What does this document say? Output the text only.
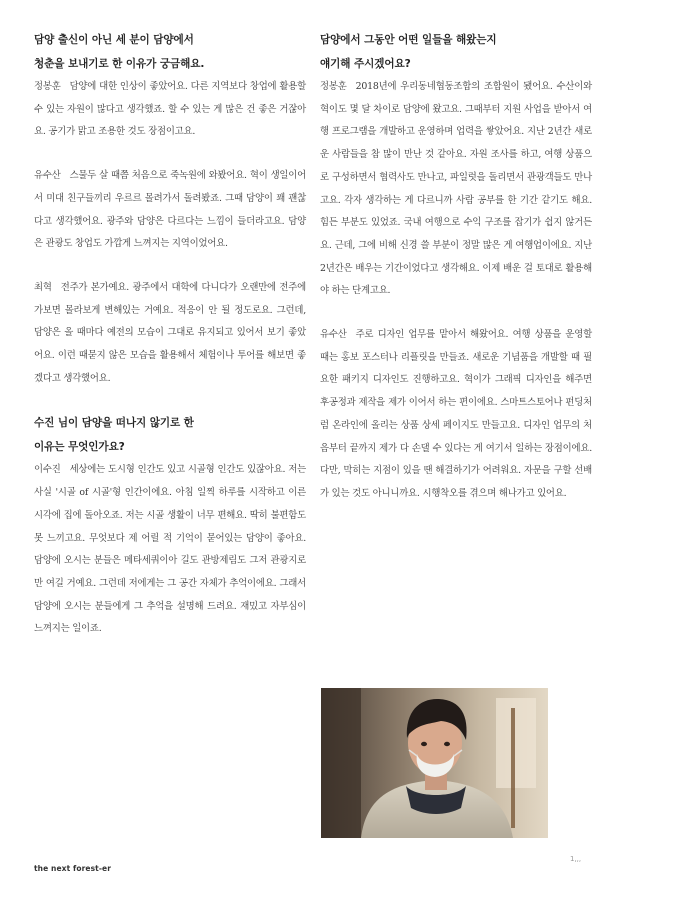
담양 출신이 아닌 세 분이 담양에서
청춘을 보내기로 한 이유가 궁금해요.

정봉훈 담양에 대한 인상이 좋았어요. 다른 지역보다 창업에 활용할 수 있는 자원이 많다고 생각했죠. 할 수 있는 게 많은 건 좋은 거잖아요. 공기가 맑고 조용한 것도 장점이고요.

유수산 스물두 살 때쯤 처음으로 죽녹원에 와봤어요. 혁이 생일이어서 미대 친구들끼리 우르르 몰려가서 돌려봤죠. 그때 담양이 꽤 괜찮다고 생각했어요. 광주와 담양은 다르다는 느낌이 들더라고요. 담양은 관광도 창업도 가깝게 느껴지는 지역이었어요.

최혁 전주가 본가예요. 광주에서 대학에 다니다가 오랜만에 전주에 가보면 몰라보게 변해있는 거예요. 적응이 안 될 정도로요. 그런데, 담양은 올 때마다 예전의 모습이 그대로 유지되고 있어서 보기 좋았어요. 이런 때묻지 않은 모습을 활용해서 체험이나 투어를 해보면 좋겠다고 생각했어요.

수진 님이 담양을 떠나지 않기로 한
이유는 무엇인가요?

이수진 세상에는 도시형 인간도 있고 시골형 인간도 있잖아요. 저는 사실 '시골 of 시골'형 인간이에요. 아침 일찍 하루를 시작하고 이른 시각에 집에 돌아오죠. 저는 시골 생활이 너무 편해요. 딱히 불편함도 못 느끼고요. 무엇보다 제 어릴 적 기억이 묻어있는 담양이 좋아요. 담양에 오시는 분들은 메타세쿼이아 길도 관방제림도 그저 관광지로만 여길 거예요. 그런데 저에게는 그 공간 자체가 추억이에요. 그래서 담양에 오시는 분들에게 그 추억을 설명해 드려요. 재밌고 자부심이 느껴지는 일이죠.

담양에서 그동안 어떤 일들을 해왔는지
얘기해 주시겠어요?

정봉훈 2018년에 우리동네협동조합의 조합원이 됐어요. 수산이와 혁이도 몇 달 차이로 담양에 왔고요. 그때부터 지원 사업을 받아서 여행 프로그램을 개발하고 운영하며 업력을 쌓았어요. 지난 2년간 새로운 사람들을 참 많이 만난 것 같아요. 자원 조사를 하고, 여행 상품으로 구성하면서 협력사도 만나고, 파일럿을 돌리면서 관광객들도 만나고요. 각자 생각하는 게 다르니까 사람 공부를 한 기간 같기도 해요. 힘든 부분도 있었죠. 국내 여행으로 수익 구조를 잡기가 쉽지 않거든요. 근데, 그에 비해 신경 쓸 부분이 정말 많은 게 여행업이에요. 지난 2년간은 배우는 기간이었다고 생각해요. 이제 배운 걸 토대로 활용해야 하는 단계고요.

유수산 주로 디자인 업무를 맡아서 해왔어요. 여행 상품을 운영할 때는 홍보 포스터나 리플릿을 만들죠. 새로운 기념품을 개발할 때 필요한 패키지 디자인도 진행하고요. 혁이가 그래픽 디자인을 해주면 후공정과 제작을 제가 이어서 하는 편이에요. 스마트스토어나 펀딩처럼 온라인에 올리는 상품 상세 페이지도 만들고요. 디자인 업무의 처음부터 끝까지 제가 다 손댈 수 있다는 게 여기서 일하는 장점이에요. 다만, 막히는 지점이 있을 땐 해결하기가 어려워요. 자문을 구할 선배가 있는 것도 아니니까요. 시행착오를 겪으며 해나가고 있어요.

the next forest-er
1,,,
